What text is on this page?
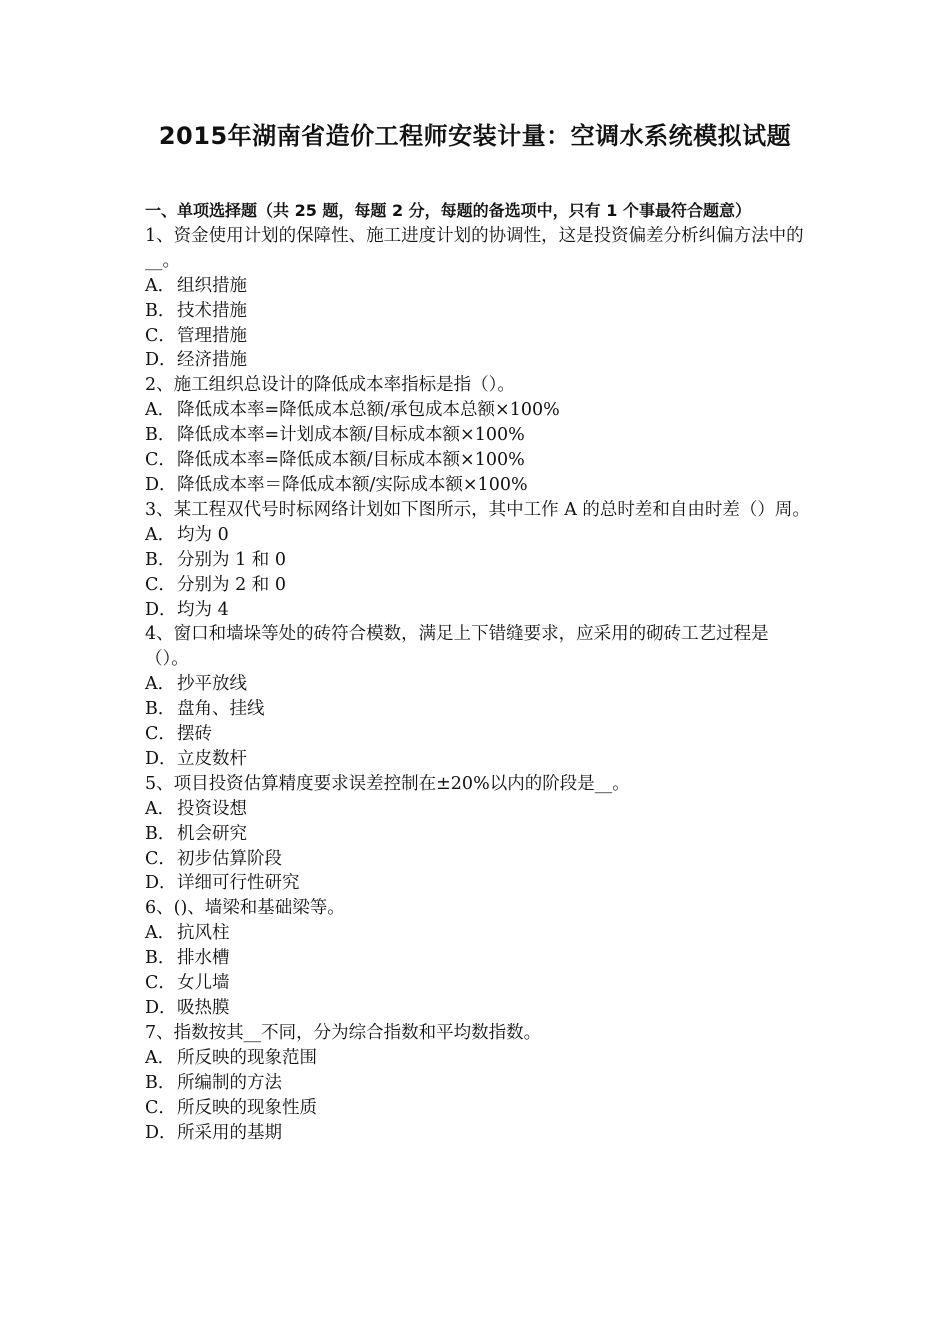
2015年湖南省造价工程师安装计量：空调水系统模拟试题
一、单项选择题（共 25 题，每题 2 分，每题的备选项中，只有 1 个事最符合题意）
1、资金使用计划的保障性、施工进度计划的协调性，这是投资偏差分析纠偏方法中的__。
A． 组织措施
B．技术措施
C．管理措施
D．经济措施
2、施工组织总设计的降低成本率指标是指（）。
A． 降低成本率=降低成本总额/承包成本总额×100%
B．降低成本率=计划成本额/目标成本额×100%
C．降低成本率=降低成本额/目标成本额×100%
D．降低成本率＝降低成本额/实际成本额×100%
3、某工程双代号时标网络计划如下图所示，其中工作 A 的总时差和自由时差（）周。
A． 均为 0
B．分别为 1 和 0
C．分别为 2 和 0
D．均为 4
4、窗口和墙垛等处的砖符合模数，满足上下错缝要求，应采用的砌砖工艺过程是（）。
A． 抄平放线
B．盘角、挂线
C．摆砖
D．立皮数杆
5、项目投资估算精度要求误差控制在±20%以内的阶段是__。
A． 投资设想
B．机会研究
C．初步估算阶段
D．详细可行性研究
6、()、墙梁和基础梁等。
A． 抗风柱
B．排水槽
C．女儿墙
D．吸热膜
7、指数按其__不同，分为综合指数和平均数指数。
A． 所反映的现象范围
B．所编制的方法
C．所反映的现象性质
D．所采用的基期
